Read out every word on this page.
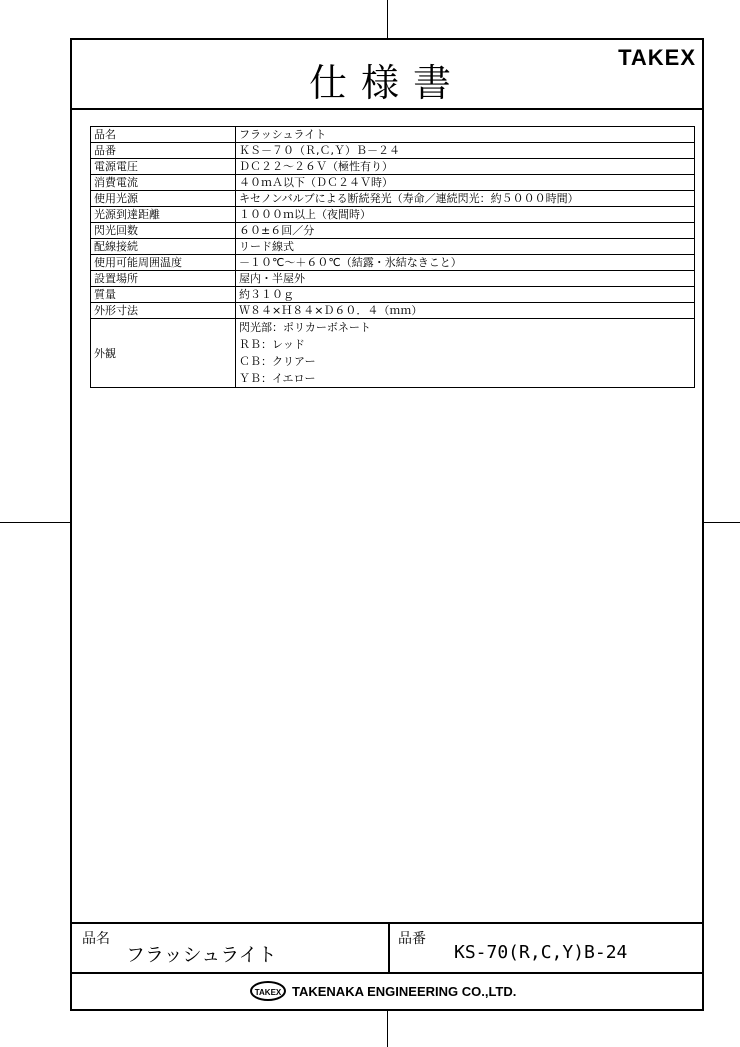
仕様書
TAKEX
品名	フラッシュライト
品番	ＫＳ－７０（Ｒ,Ｃ,Ｙ）Ｂ－２４
電源電圧	ＤＣ２２～２６Ｖ（極性有り）
消費電流	４０ｍＡ以下（ＤＣ２４Ｖ時）
使用光源	キセノンバルブによる断続発光（寿命／連続閃光：約５０００時間）
光源到達距離	１０００ｍ以上（夜間時）
閃光回数	６０±６回／分
配線接続	リード線式
使用可能周囲温度	－１０℃～＋６０℃（結露・氷結なきこと）
設置場所	屋内・半屋外
質量	約３１０ｇ
外形寸法	Ｗ８４×Ｈ８４×Ｄ６０．４（ｍｍ）
外観	閃光部：ポリカーボネート
ＲＢ：レッド
ＣＢ：クリアー
ＹＢ：イエロー
品名
フラッシュライト
品番
KS-70(R,C,Y)B-24
TAKEX TAKENAKA ENGINEERING CO.,LTD.
